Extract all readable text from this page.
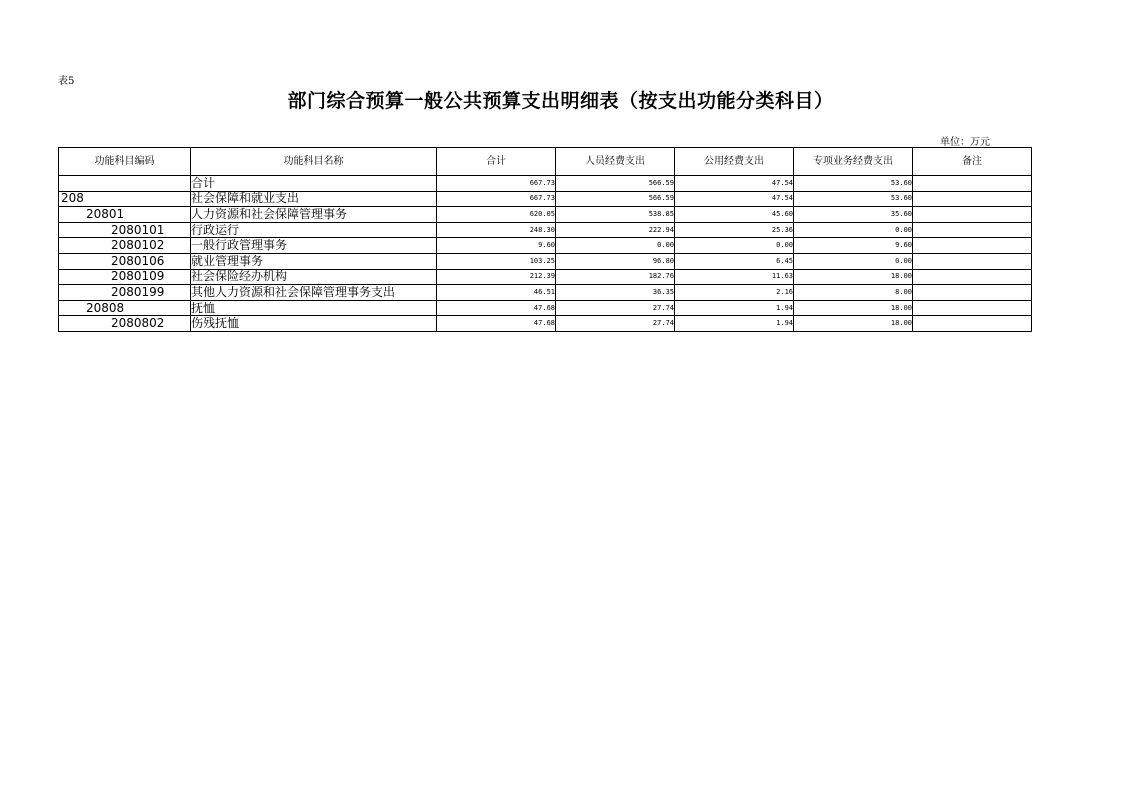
表5
部门综合预算一般公共预算支出明细表（按支出功能分类科目）
单位：万元
功能科目编码	功能科目名称	合计	人员经费支出	公用经费支出	专项业务经费支出	备注
	合计	667.73	566.59	47.54	53.60	
208	社会保障和就业支出	667.73	566.59	47.54	53.60	
20801	人力资源和社会保障管理事务	620.05	538.85	45.60	35.60	
2080101	行政运行	248.30	222.94	25.36	0.00	
2080102	一般行政管理事务	9.60	0.00	0.00	9.60	
2080106	就业管理事务	103.25	96.80	6.45	0.00	
2080109	社会保险经办机构	212.39	182.76	11.63	18.00	
2080199	其他人力资源和社会保障管理事务支出	46.51	36.35	2.16	8.00	
20808	抚恤	47.68	27.74	1.94	18.00	
2080802	伤残抚恤	47.68	27.74	1.94	18.00	
